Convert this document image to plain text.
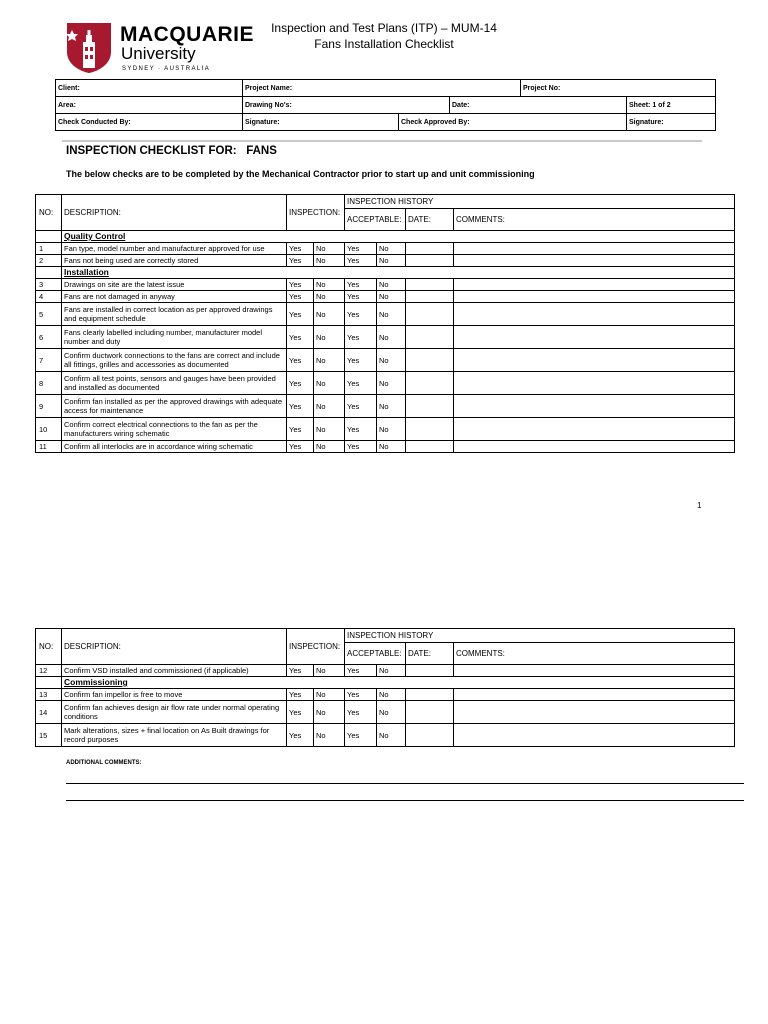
MACQUARIE
University
SYDNEY · AUSTRALIA
Inspection and Test Plans (ITP) – MUM-14
Fans Installation Checklist
Client:	Project Name:			Project No:	
Area:	Drawing No's:		Date:		Sheet: 1 of 2
Check Conducted By:	Signature:	Check Approved By:			Signature:
INSPECTION CHECKLIST FOR: FANS
The below checks are to be completed by the Mechanical Contractor prior to start up and unit commissioning
NO:	DESCRIPTION:	INSPECTION:		INSPECTION HISTORY			
				ACCEPTABLE:		DATE:	COMMENTS:
	Quality Control						
1	Fan type, model number and manufacturer approved for use	Yes	No	Yes	No		
2	Fans not being used are correctly stored	Yes	No	Yes	No		
	Installation						
3	Drawings on site are the latest issue	Yes	No	Yes	No		
4	Fans are not damaged in anyway	Yes	No	Yes	No		
5	Fans are installed in correct location as per approved drawings and equipment schedule	Yes	No	Yes	No		
6	Fans clearly labelled including number, manufacturer model number and duty	Yes	No	Yes	No		
7	Confirm ductwork connections to the fans are correct and include all fittings, grilles and accessories as documented	Yes	No	Yes	No		
8	Confirm all test points, sensors and gauges have been provided and installed as documented	Yes	No	Yes	No		
9	Confirm fan installed as per the approved drawings with adequate access for maintenance	Yes	No	Yes	No		
10	Confirm correct electrical connections to the fan as per the manufacturers wiring schematic	Yes	No	Yes	No		
11	Confirm all interlocks are in accordance wiring schematic	Yes	No	Yes	No		
1
NO:	DESCRIPTION:	INSPECTION:		INSPECTION HISTORY			
				ACCEPTABLE:		DATE:	COMMENTS:
12	Confirm VSD installed and commissioned (if applicable)	Yes	No	Yes	No		
	Commissioning						
13	Confirm fan impellor is free to move	Yes	No	Yes	No		
14	Confirm fan achieves design air flow rate under normal operating conditions	Yes	No	Yes	No		
15	Mark alterations, sizes + final location on As Built drawings for record purposes	Yes	No	Yes	No		
ADDITIONAL COMMENTS:
